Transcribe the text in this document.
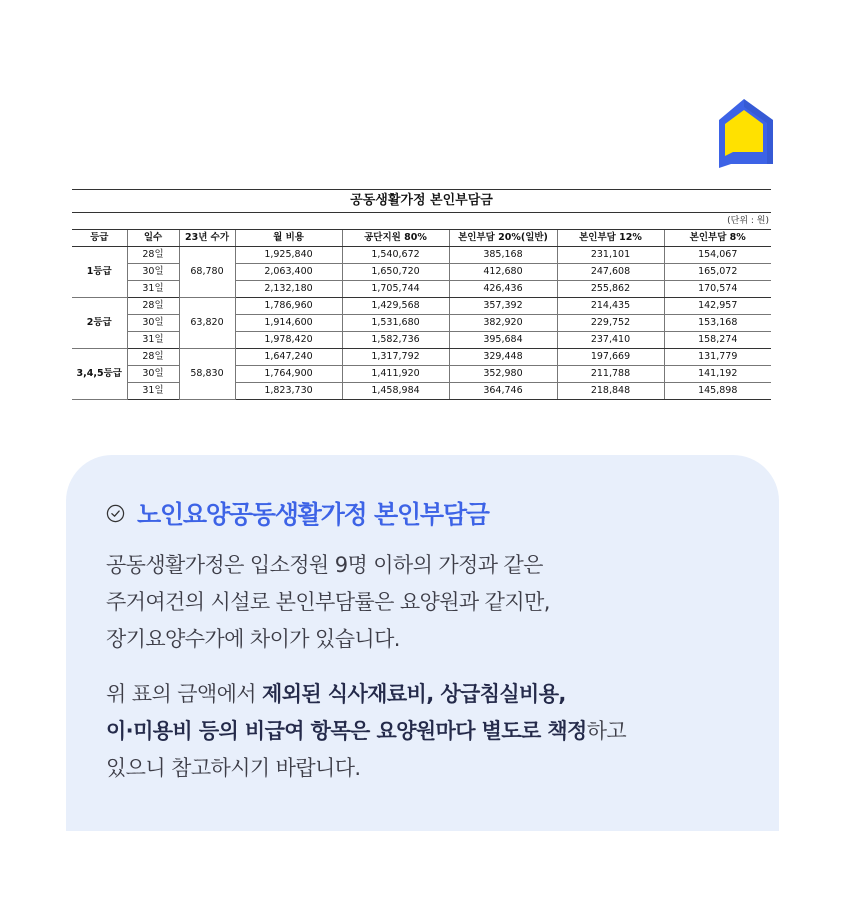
공동생활가정 본인부담금
(단위 : 원)
등급	일수	23년 수가	월 비용	공단지원 80%	본인부담 20%(일반)	본인부담 12%	본인부담 8%
1등급	28일	68,780	1,925,840	1,540,672	385,168	231,101	154,067
	30일		2,063,400	1,650,720	412,680	247,608	165,072
	31일		2,132,180	1,705,744	426,436	255,862	170,574
2등급	28일	63,820	1,786,960	1,429,568	357,392	214,435	142,957
	30일		1,914,600	1,531,680	382,920	229,752	153,168
	31일		1,978,420	1,582,736	395,684	237,410	158,274
3,4,5등급	28일	58,830	1,647,240	1,317,792	329,448	197,669	131,779
	30일		1,764,900	1,411,920	352,980	211,788	141,192
	31일		1,823,730	1,458,984	364,746	218,848	145,898
노인요양공동생활가정 본인부담금
공동생활가정은 입소정원 9명 이하의 가정과 같은
주거여건의 시설로 본인부담률은 요양원과 같지만,
장기요양수가에 차이가 있습니다.
위 표의 금액에서 제외된 식사재료비, 상급침실비용,
이·미용비 등의 비급여 항목은 요양원마다 별도로 책정하고
있으니 참고하시기 바랍니다.
